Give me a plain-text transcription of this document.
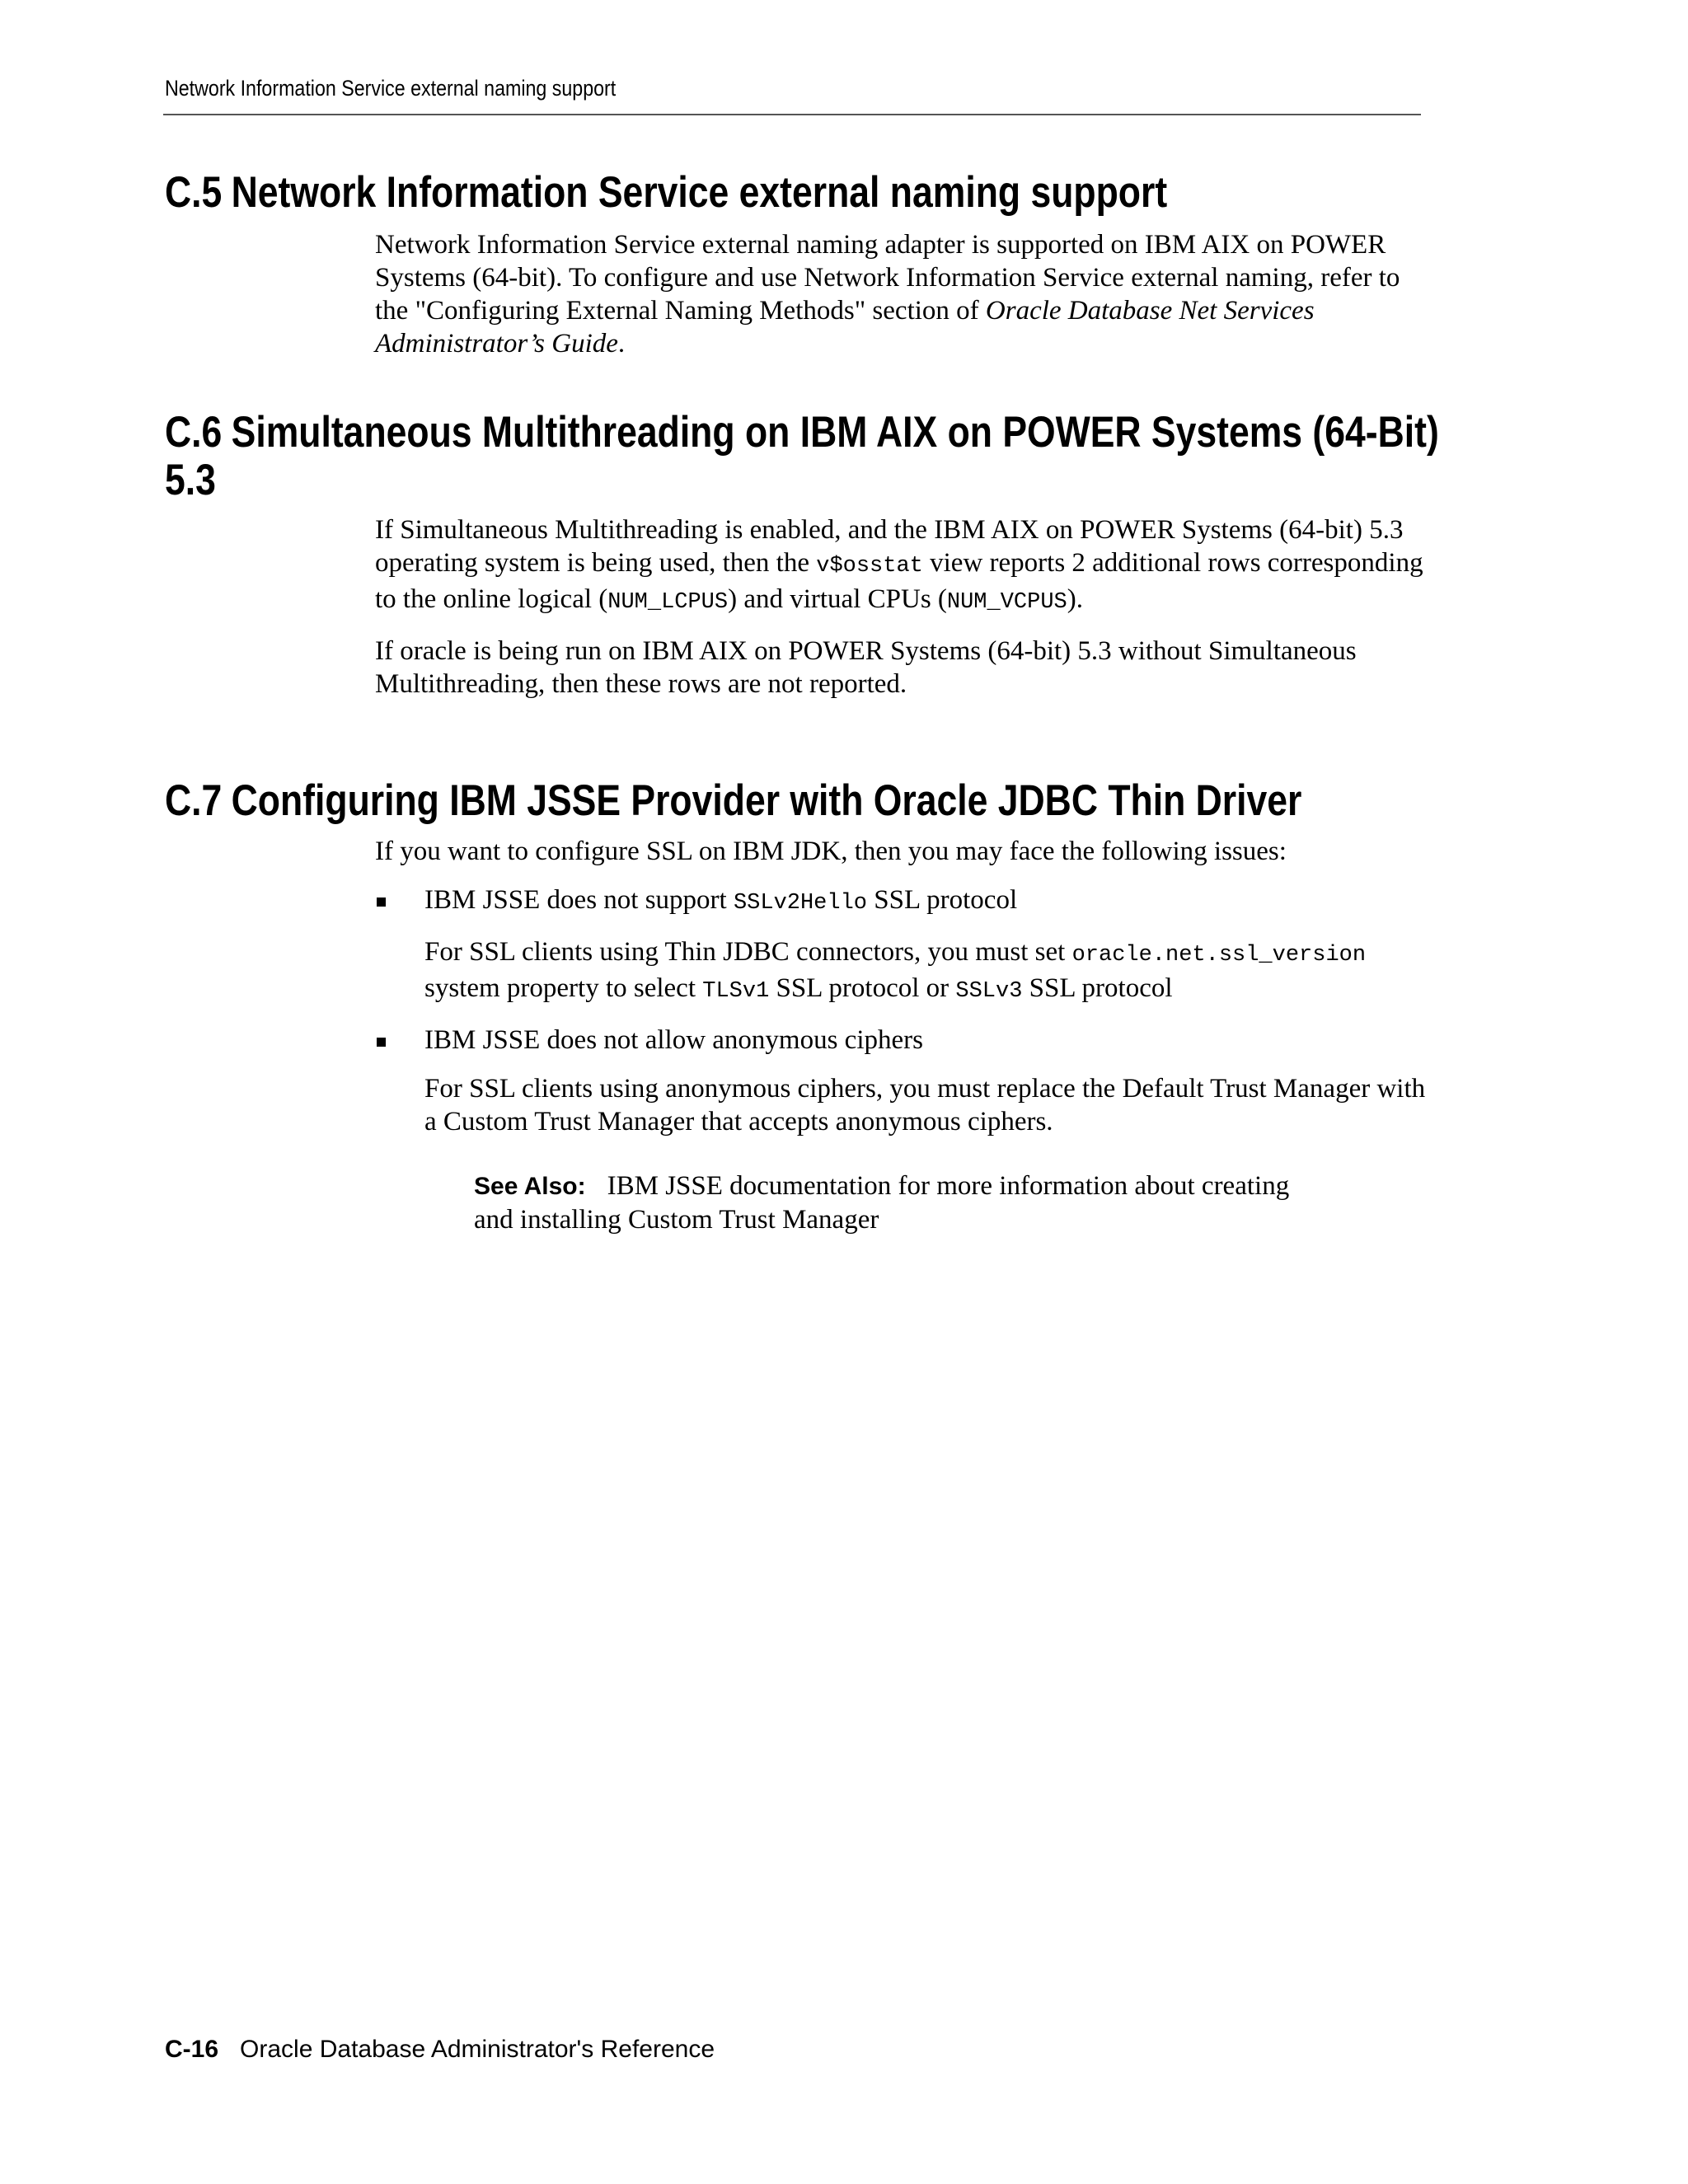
Network Information Service external naming support
C.5 Network Information Service external naming support

Network Information Service external naming adapter is supported on IBM AIX on POWER Systems (64-bit). To configure and use Network Information Service external naming, refer to the "Configuring External Naming Methods" section of Oracle Database Net Services Administrator’s Guide.

C.6 Simultaneous Multithreading on IBM AIX on POWER Systems (64-Bit)
5.3

If Simultaneous Multithreading is enabled, and the IBM AIX on POWER Systems (64-bit) 5.3 operating system is being used, then the v$osstat view reports 2 additional rows corresponding to the online logical (NUM_LCPUS) and virtual CPUs (NUM_VCPUS).

If oracle is being run on IBM AIX on POWER Systems (64-bit) 5.3 without Simultaneous Multithreading, then these rows are not reported.

C.7 Configuring IBM JSSE Provider with Oracle JDBC Thin Driver

If you want to configure SSL on IBM JDK, then you may face the following issues:

IBM JSSE does not support SSLv2Hello SSL protocol

For SSL clients using Thin JDBC connectors, you must set oracle.net.ssl_version system property to select TLSv1 SSL protocol or SSLv3 SSL protocol

IBM JSSE does not allow anonymous ciphers

For SSL clients using anonymous ciphers, you must replace the Default Trust Manager with a Custom Trust Manager that accepts anonymous ciphers.

See Also: IBM JSSE documentation for more information about creating and installing Custom Trust Manager
C-16 Oracle Database Administrator's Reference
